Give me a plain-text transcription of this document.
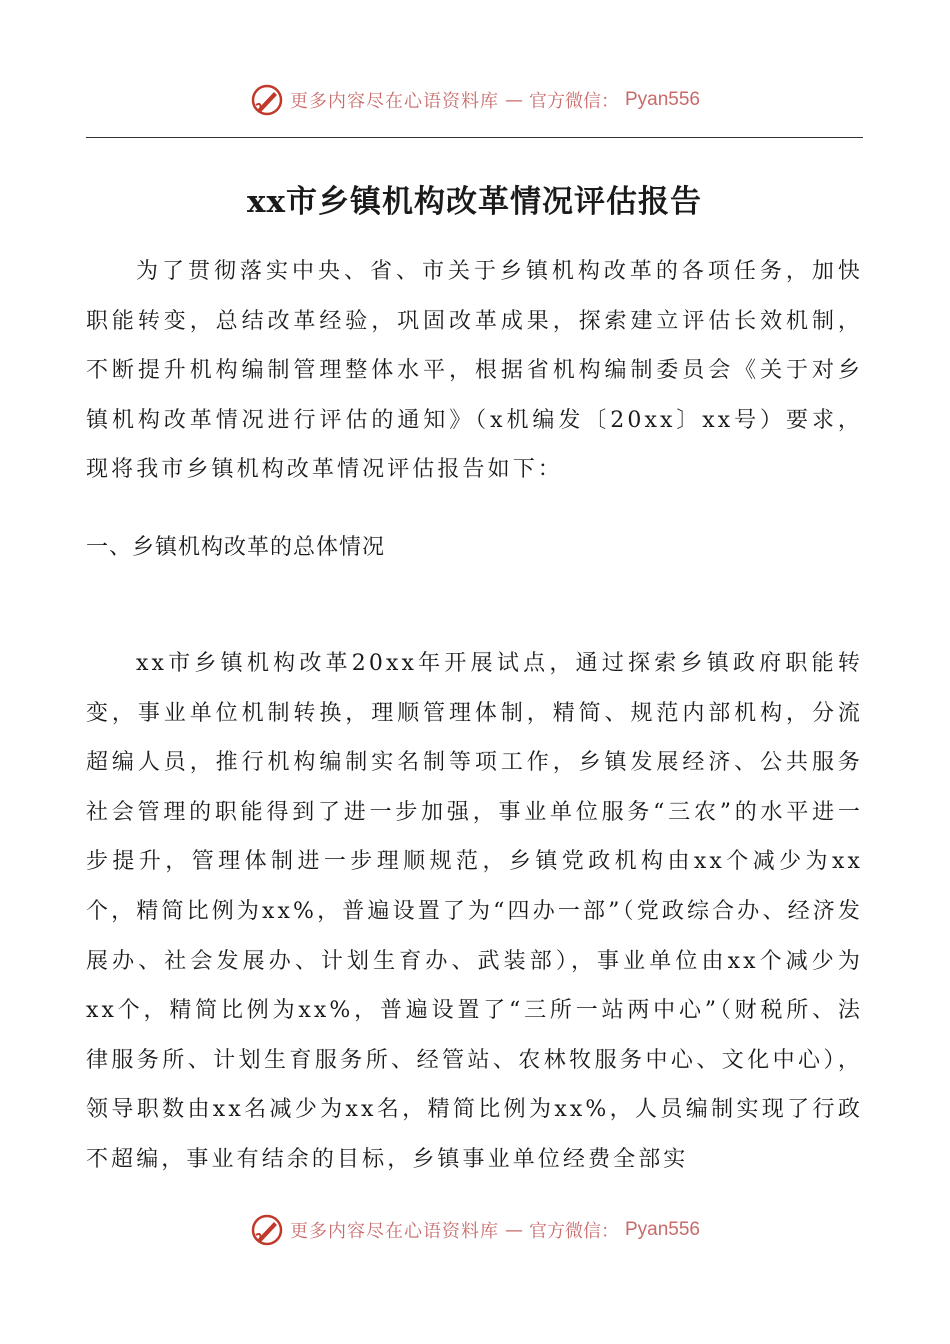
更多内容尽在心语资料库 — 官方微信： Pyan556
xx市乡镇机构改革情况评估报告
为了贯彻落实中央、省、市关于乡镇机构改革的各项任务，加快职能转变，总结改革经验，巩固改革成果，探索建立评估长效机制，不断提升机构编制管理整体水平，根据省机构编制委员会《关于对乡镇机构改革情况进行评估的通知》（x机编发〔20xx〕xx号）要求，现将我市乡镇机构改革情况评估报告如下：
一、乡镇机构改革的总体情况
xx市乡镇机构改革20xx年开展试点，通过探索乡镇政府职能转变，事业单位机制转换，理顺管理体制，精简、规范内部机构，分流超编人员，推行机构编制实名制等项工作，乡镇发展经济、公共服务社会管理的职能得到了进一步加强，事业单位服务“三农”的水平进一步提升，管理体制进一步理顺规范，乡镇党政机构由xx个减少为xx个，精简比例为xx%，普遍设置了为“四办一部”（党政综合办、经济发展办、社会发展办、计划生育办、武装部），事业单位由xx个减少为xx个，精简比例为xx%，普遍设置了“三所一站两中心”（财税所、法律服务所、计划生育服务所、经管站、农林牧服务中心、文化中心），领导职数由xx名减少为xx名，精简比例为xx%，人员编制实现了行政不超编，事业有结余的目标，乡镇事业单位经费全部实
更多内容尽在心语资料库 — 官方微信： Pyan556
